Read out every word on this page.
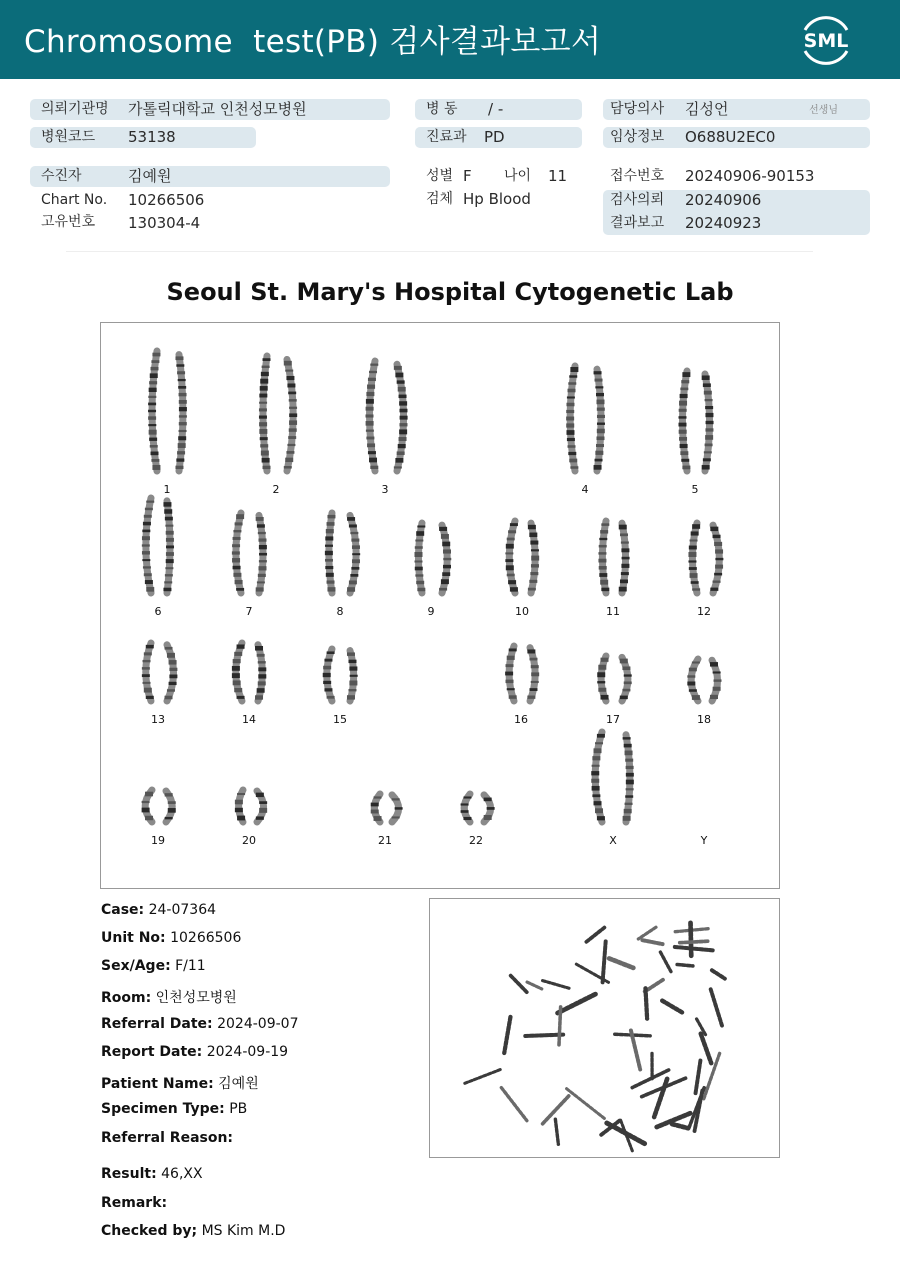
Chromosome  test(PB) 검사결과보고서	SML
의뢰기관명 가톨릭대학교 인천성모병원
병원코드 53138
수진자	김예원
Chart No. 10266506
고유번호 130304-4
병 동 / -
진료과 PD
성별 F 나이 11
검체 Hp Blood
담당의사 김성언	선생님
임상정보 O688U2EC0
접수번호 20240906-90153
검사의뢰 20240906
결과보고 20240923
Seoul St. Mary's Hospital Cytogenetic Lab
1	2	3	4	5
6	7	8	9	10	11	12
13	14	15	16	17	18
19	20	21	22	X	Y
Case: 24-07364
Unit No: 10266506
Sex/Age: F/11
Room: 인천성모병원
Referral Date: 2024-09-07
Report Date: 2024-09-19
Patient Name: 김예원
Specimen Type: PB
Referral Reason:
Result: 46,XX
Remark:
Checked by; MS Kim M.D
